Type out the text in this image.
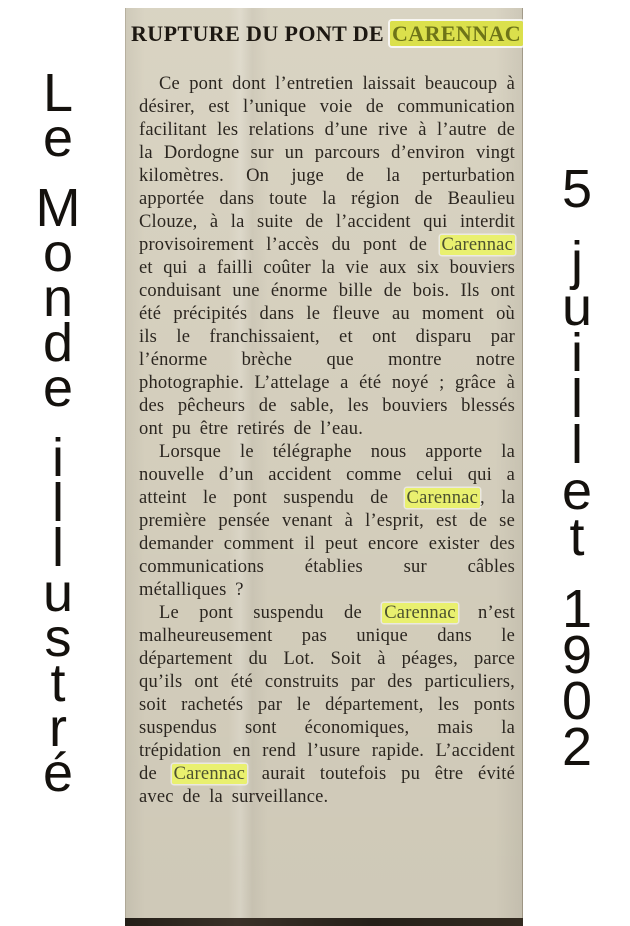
L
e
M
o
n
d
e
i
l
l
u
s
t
r
é
RUPTURE DU PONT DE CARENNAC

Ce pont dont l’entretien laissait beaucoup à désirer, est l’unique voie de communication facilitant les relations d’une rive à l’autre de la Dordogne sur un parcours d’environ vingt kilomètres. On juge de la perturbation apportée dans toute la région de Beaulieu Clouze, à la suite de l’accident qui interdit provisoirement l’accès du pont de Carennac et qui a failli coûter la vie aux six bouviers conduisant une énorme bille de bois. Ils ont été précipités dans le fleuve au moment où ils le franchissaient, et ont disparu par l’énorme brèche que montre notre photographie. L’attelage a été noyé ; grâce à des pêcheurs de sable, les bouviers blessés ont pu être retirés de l’eau.

Lorsque le télégraphe nous apporte la nouvelle d’un accident comme celui qui a atteint le pont suspendu de Carennac , la première pensée venant à l’esprit, est de se demander comment il peut encore exister des communications établies sur câbles métalliques ?

Le pont suspendu de Carennac n’est malheureusement pas unique dans le département du Lot. Soit à péages, parce qu’ils ont été construits par des particuliers, soit rachetés par le département, les ponts suspendus sont économiques, mais la trépidation en rend l’usure rapide. L’accident de Carennac aurait toutefois pu être évité avec de la surveillance.

5
j
u
i
l
l
e
t
1
9
0
2
